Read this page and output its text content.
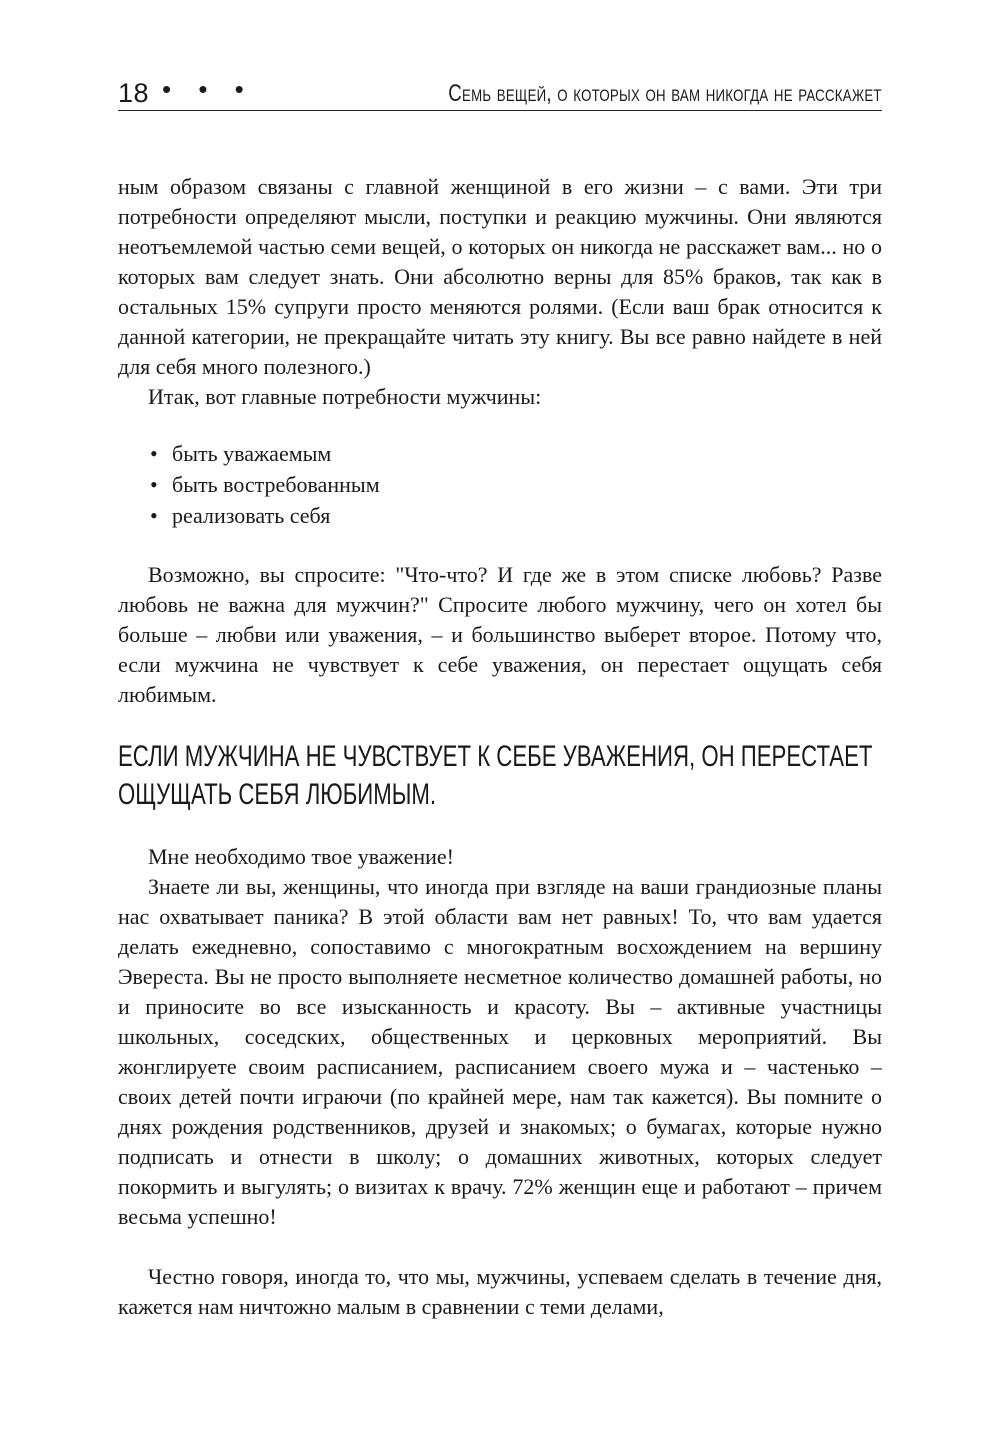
18 • • •	Семь вещей, о которых он вам никогда не расскажет

ным образом связаны с главной женщиной в его жизни – с вами. Эти три потребности определяют мысли, поступки и реакцию мужчины. Они являются неотъемлемой частью семи вещей, о которых он никогда не расскажет вам... но о которых вам следует знать. Они абсолютно верны для 85% браков, так как в остальных 15% супруги просто меняются ролями. (Если ваш брак относится к данной категории, не прекращайте читать эту книгу. Вы все равно найдете в ней для себя много полезного.)

Итак, вот главные потребности мужчины:

• быть уважаемым
• быть востребованным
• реализовать себя

Возможно, вы спросите: "Что-что? И где же в этом списке любовь? Разве любовь не важна для мужчин?" Спросите любого мужчину, чего он хотел бы больше – любви или уважения, – и большинство выберет второе. Потому что, если мужчина не чувствует к себе уважения, он перестает ощущать себя любимым.

ЕСЛИ МУЖЧИНА НЕ ЧУВСТВУЕТ К СЕБЕ УВАЖЕНИЯ, ОН ПЕРЕСТАЕТ ОЩУЩАТЬ СЕБЯ ЛЮБИМЫМ.

Мне необходимо твое уважение!

Знаете ли вы, женщины, что иногда при взгляде на ваши грандиозные планы нас охватывает паника? В этой области вам нет равных! То, что вам удается делать ежедневно, сопоставимо с многократным восхождением на вершину Эвереста. Вы не просто выполняете несметное количество домашней работы, но и приносите во все изысканность и красоту. Вы – активные участницы школьных, соседских, общественных и церковных мероприятий. Вы жонглируете своим расписанием, расписанием своего мужа и – частенько – своих детей почти играючи (по крайней мере, нам так кажется). Вы помните о днях рождения родственников, друзей и знакомых; о бумагах, которые нужно подписать и отнести в школу; о домашних животных, которых следует покормить и выгулять; о визитах к врачу. 72% женщин еще и работают – причем весьма успешно!

Честно говоря, иногда то, что мы, мужчины, успеваем сделать в течение дня, кажется нам ничтожно малым в сравнении с теми делами,
